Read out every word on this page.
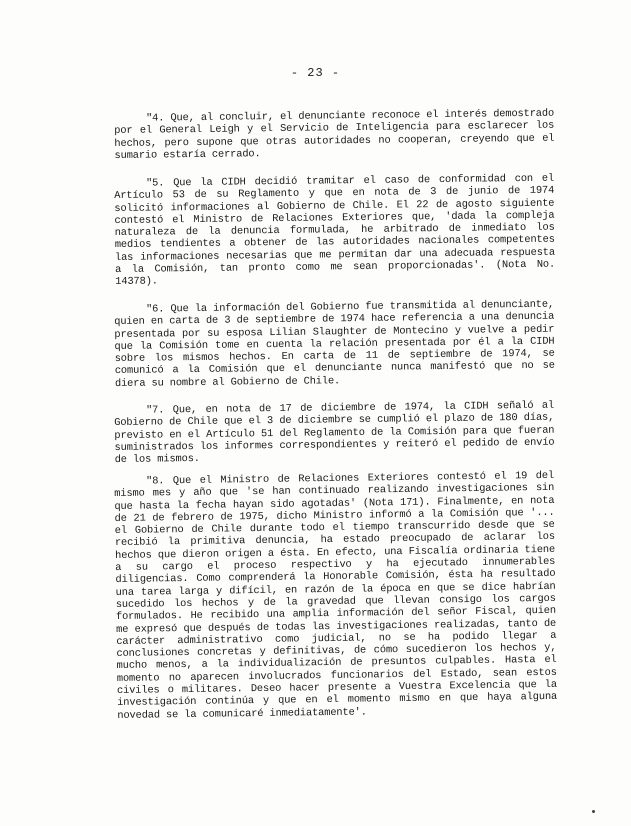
- 23 -

"4. Que, al concluir, el denunciante reconoce el interés demostrado por el General Leigh y el Servicio de Inteligencia para esclarecer los hechos, pero supone que otras autoridades no cooperan, creyendo que el sumario estaría cerrado.

"5. Que la CIDH decidió tramitar el caso de conformidad con el Artículo 53 de su Reglamento y que en nota de 3 de junio de 1974 solicitó informaciones al Gobierno de Chile. El 22 de agosto siguiente contestó el Ministro de Relaciones Exteriores que, 'dada la compleja naturaleza de la denuncia formulada, he arbitrado de inmediato los medios tendientes a obtener de las autoridades nacionales competentes las informaciones necesarias que me permitan dar una adecuada respuesta a la Comisión, tan pronto como me sean proporcionadas'. (Nota No. 14378).

"6. Que la información del Gobierno fue transmitida al denunciante, quien en carta de 3 de septiembre de 1974 hace referencia a una denuncia presentada por su esposa Lilian Slaughter de Montecino y vuelve a pedir que la Comisión tome en cuenta la relación presentada por él a la CIDH sobre los mismos hechos. En carta de 11 de septiembre de 1974, se comunicó a la Comisión que el denunciante nunca manifestó que no se diera su nombre al Gobierno de Chile.

"7. Que, en nota de 17 de diciembre de 1974, la CIDH señaló al Gobierno de Chile que el 3 de diciembre se cumplió el plazo de 180 días, previsto en el Artículo 51 del Reglamento de la Comisión para que fueran suministrados los informes correspondientes y reiteró el pedido de envío de los mismos.

"8. Que el Ministro de Relaciones Exteriores contestó el 19 del mismo mes y año que 'se han continuado realizando investigaciones sin que hasta la fecha hayan sido agotadas' (Nota 171). Finalmente, en nota de 21 de febrero de 1975, dicho Ministro informó a la Comisión que '... el Gobierno de Chile durante todo el tiempo transcurrido desde que se recibió la primitiva denuncia, ha estado preocupado de aclarar los hechos que dieron origen a ésta. En efecto, una Fiscalía ordinaria tiene a su cargo el proceso respectivo y ha ejecutado innumerables diligencias. Como comprenderá la Honorable Comisión, ésta ha resultado una tarea larga y difícil, en razón de la época en que se dice habrían sucedido los hechos y de la gravedad que llevan consigo los cargos formulados. He recibido una amplia información del señor Fiscal, quien me expresó que después de todas las investigaciones realizadas, tanto de carácter administrativo como judicial, no se ha podido llegar a conclusiones concretas y definitivas, de cómo sucedieron los hechos y, mucho menos, a la individualización de presuntos culpables. Hasta el momento no aparecen involucrados funcionarios del Estado, sean estos civiles o militares. Deseo hacer presente a Vuestra Excelencia que la investigación continúa y que en el momento mismo en que haya alguna novedad se la comunicaré inmediatamente'.
